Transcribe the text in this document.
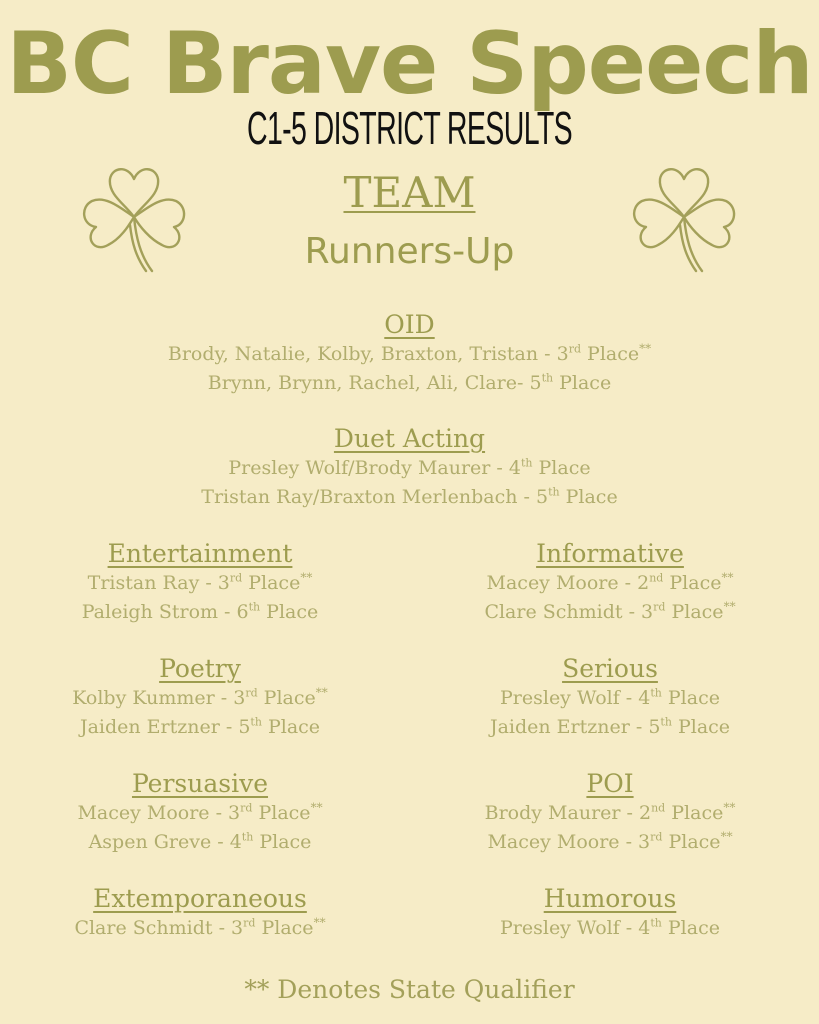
BC Brave Speech
C1-5 DISTRICT RESULTS
TEAM
Runners-Up
OID
Brody, Natalie, Kolby, Braxton, Tristan - 3rd Place**
Brynn, Brynn, Rachel, Ali, Clare- 5th Place
Duet Acting
Presley Wolf/Brody Maurer - 4th Place
Tristan Ray/Braxton Merlenbach - 5th Place
Entertainment
Tristan Ray - 3rd Place**
Paleigh Strom - 6th Place
Informative
Macey Moore - 2nd Place**
Clare Schmidt - 3rd Place**
Poetry
Kolby Kummer - 3rd Place**
Jaiden Ertzner - 5th Place
Serious
Presley Wolf - 4th Place
Jaiden Ertzner - 5th Place
Persuasive
Macey Moore - 3rd Place**
Aspen Greve - 4th Place
POI
Brody Maurer - 2nd Place**
Macey Moore - 3rd Place**
Extemporaneous
Clare Schmidt - 3rd Place**
Humorous
Presley Wolf - 4th Place
** Denotes State Qualifier
